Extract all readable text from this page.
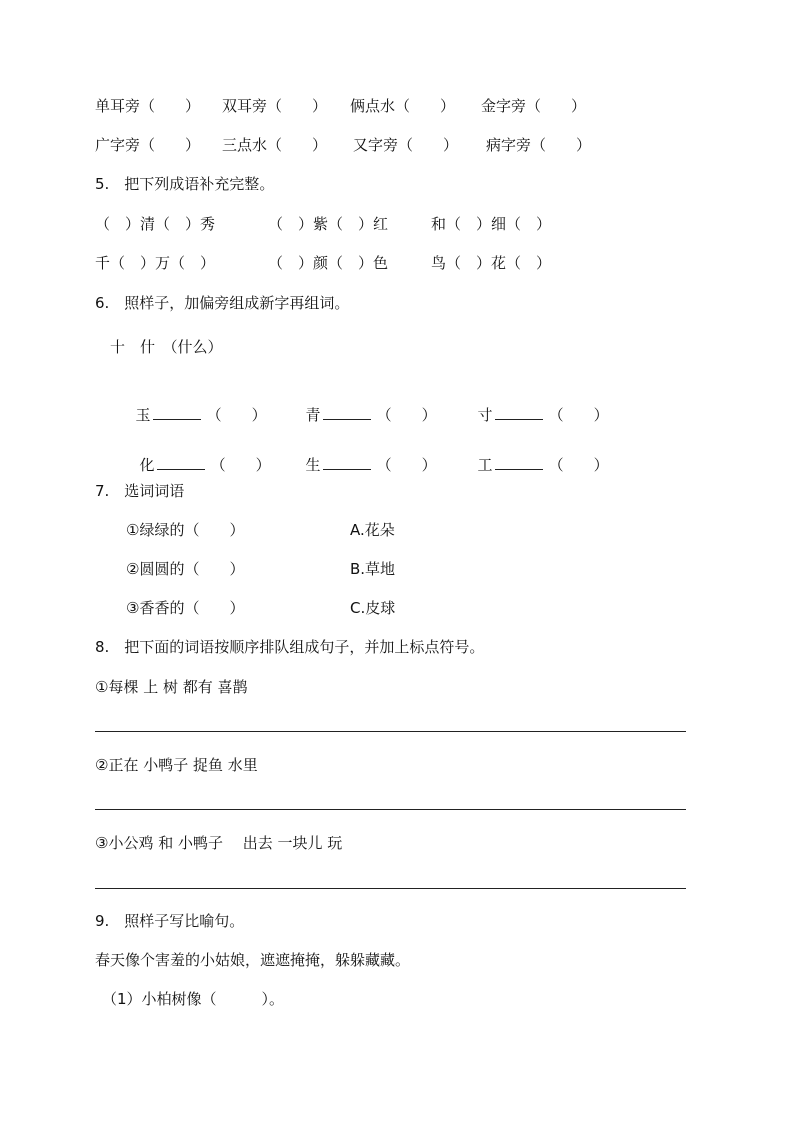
单耳旁（　　） 双耳旁（　　） 俩点水（　　） 金字旁（　　）
广字旁（　　） 三点水（　　） 又字旁（　　） 病字旁（　　）
5.　把下列成语补充完整。
（　）清（　）秀	（　）紫（　）红	和（　）细（　）
千（　）万（　）	（　）颜（　）色	鸟（　）花（　）
6.　照样子，加偏旁组成新字再组词。
十　什　（什么）

玉	（　　）	青	（　　）	寸	（　　）

化	（　　）	生	（　　）	工	（　　）

7.　选词词语
①绿绿的（　　）	A.花朵
②圆圆的（　　）	B.草地
③香香的（　　）	C.皮球
8.　把下面的词语按顺序排队组成句子，并加上标点符号。
①每棵 上 树 都有 喜鹊
②正在 小鸭子 捉鱼 水里
③小公鸡 和 小鸭子　 出去 一块儿 玩
9.　照样子写比喻句。
春天像个害羞的小姑娘，遮遮掩掩，躲躲藏藏。
（1）小柏树像（　　　）。
